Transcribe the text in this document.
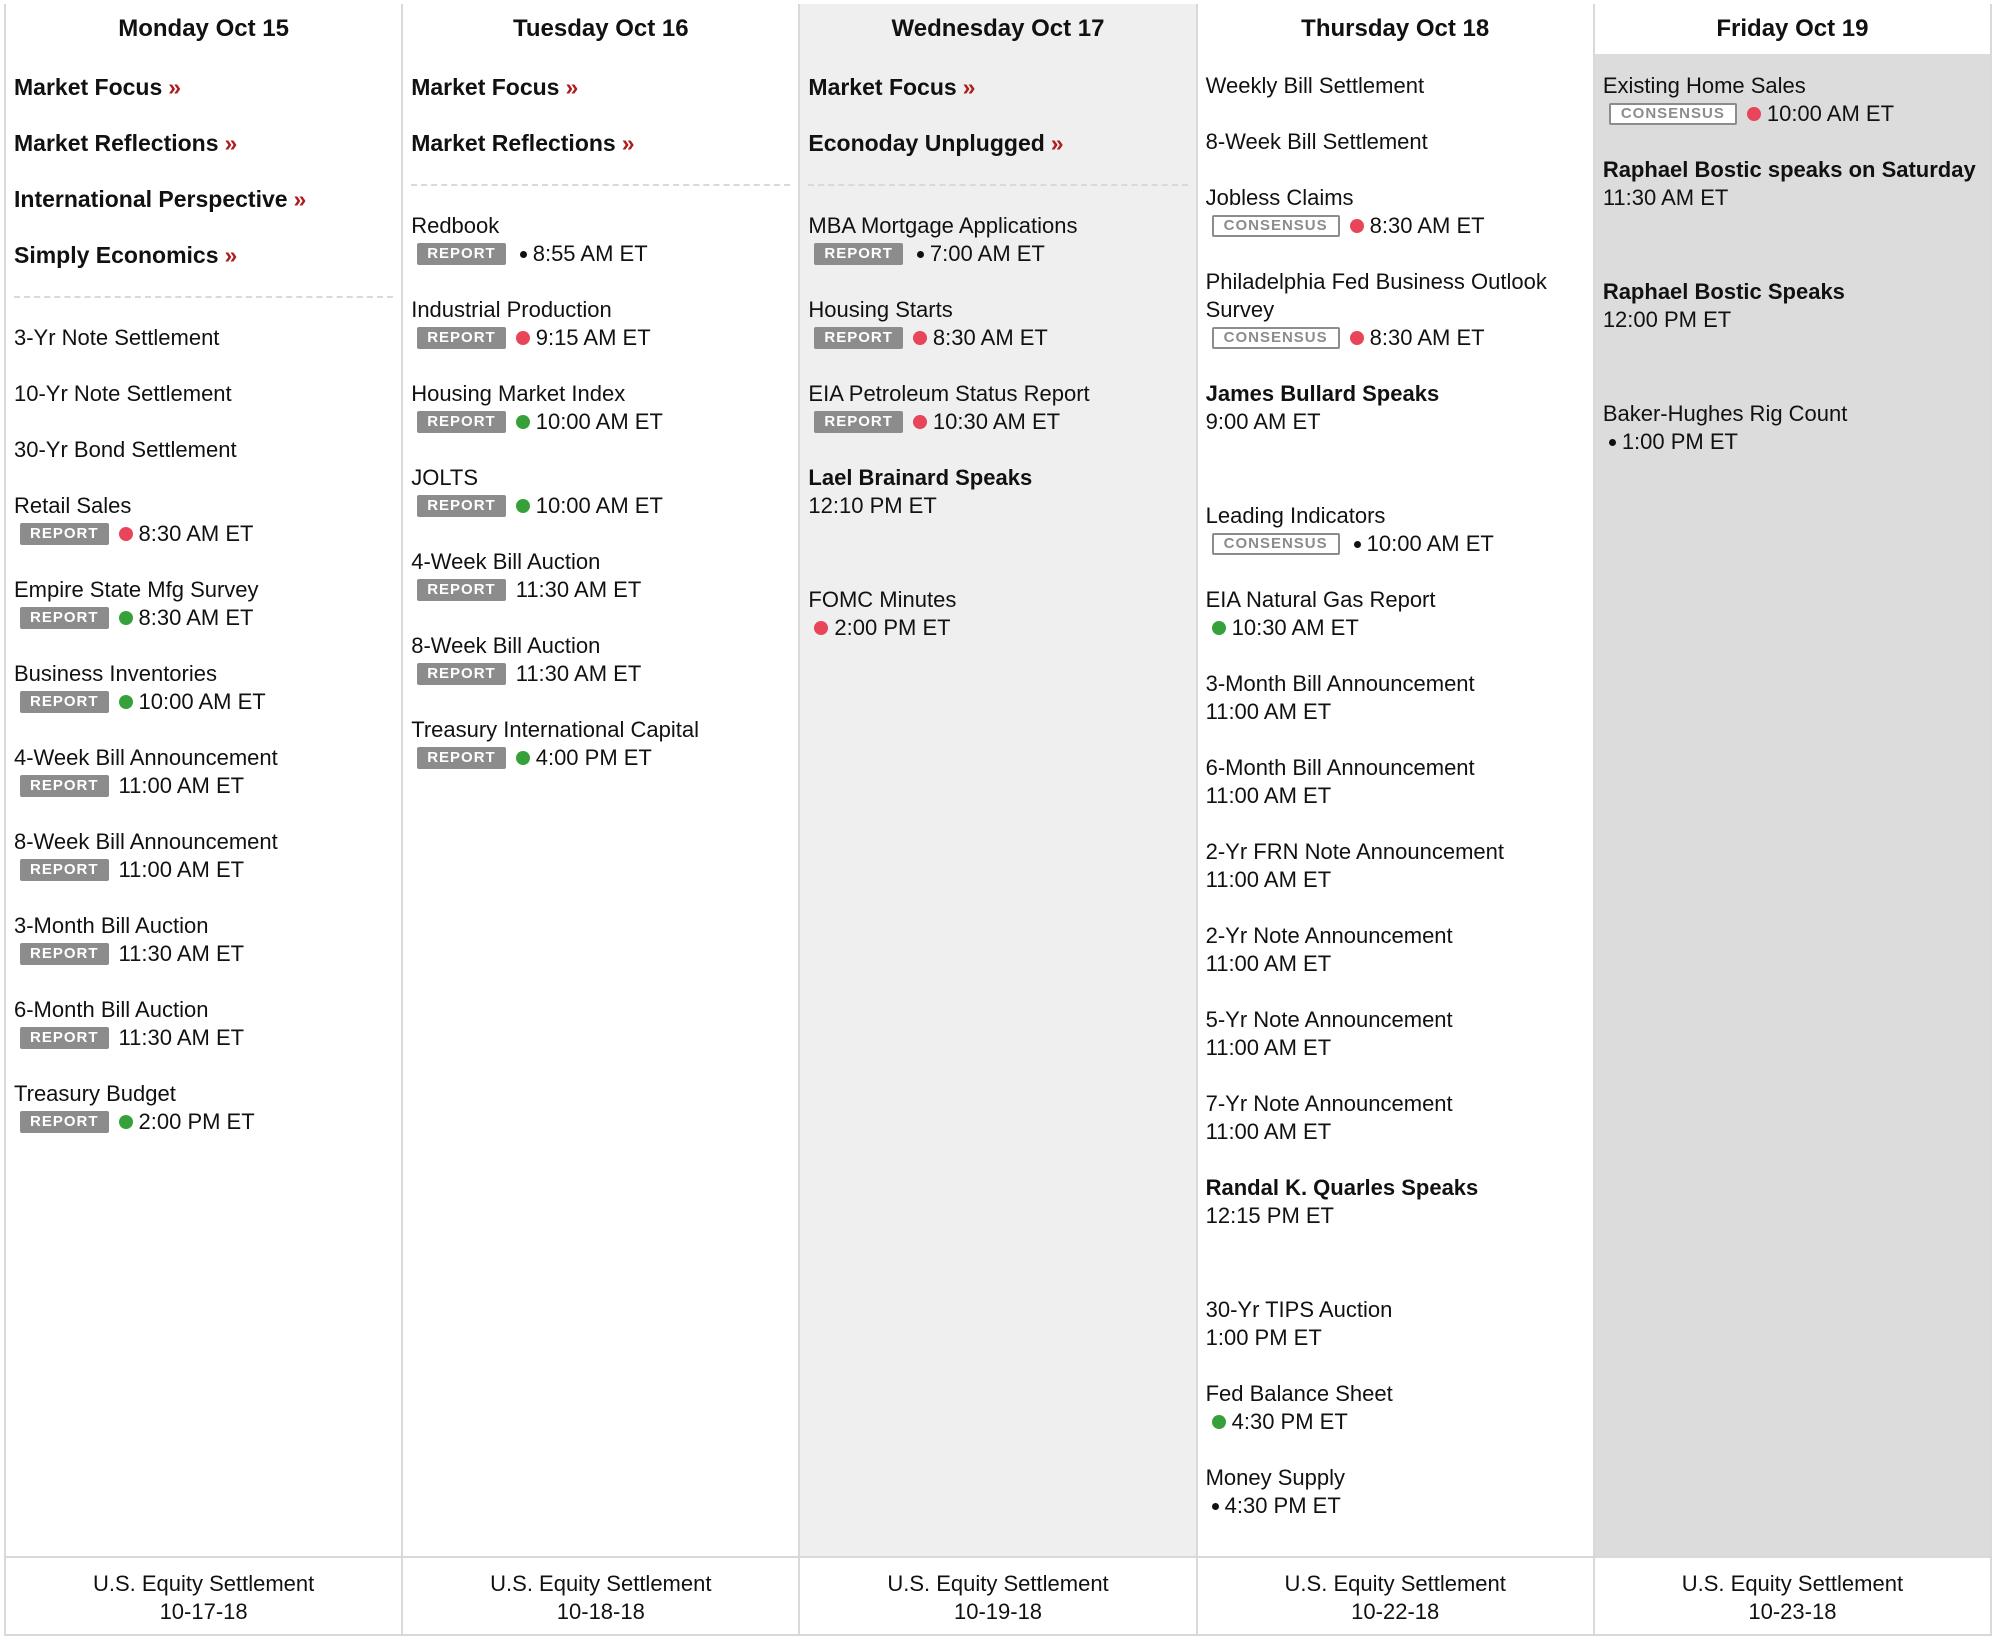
Monday Oct 15
Market Focus »
Market Reflections »
International Perspective »
Simply Economics »
3-Yr Note Settlement
10-Yr Note Settlement
30-Yr Bond Settlement
Retail Sales
REPORT	8:30 AM ET
Empire State Mfg Survey
REPORT	8:30 AM ET
Business Inventories
REPORT	10:00 AM ET
4-Week Bill Announcement
REPORT 11:00 AM ET
8-Week Bill Announcement
REPORT 11:00 AM ET
3-Month Bill Auction
REPORT 11:30 AM ET
6-Month Bill Auction
REPORT 11:30 AM ET
Treasury Budget
REPORT	2:00 PM ET
U.S. Equity Settlement
10-17-18
Tuesday Oct 16
Market Focus »
Market Reflections »
Redbook
REPORT	8:55 AM ET
Industrial Production
REPORT	9:15 AM ET
Housing Market Index
REPORT	10:00 AM ET
JOLTS
REPORT	10:00 AM ET
4-Week Bill Auction
REPORT 11:30 AM ET
8-Week Bill Auction
REPORT 11:30 AM ET
Treasury International Capital
REPORT	4:00 PM ET
U.S. Equity Settlement
10-18-18
Wednesday Oct 17
Market Focus »
Econoday Unplugged »
MBA Mortgage Applications
REPORT	7:00 AM ET
Housing Starts
REPORT	8:30 AM ET
EIA Petroleum Status Report
REPORT	10:30 AM ET
Lael Brainard Speaks
12:10 PM ET
FOMC Minutes
2:00 PM ET
U.S. Equity Settlement
10-19-18
Thursday Oct 18
Weekly Bill Settlement
8-Week Bill Settlement
Jobless Claims
CONSENSUS	8:30 AM ET
Philadelphia Fed Business Outlook Survey
CONSENSUS	8:30 AM ET
James Bullard Speaks
9:00 AM ET
Leading Indicators
CONSENSUS	10:00 AM ET
EIA Natural Gas Report
10:30 AM ET
3-Month Bill Announcement
11:00 AM ET
6-Month Bill Announcement
11:00 AM ET
2-Yr FRN Note Announcement
11:00 AM ET
2-Yr Note Announcement
11:00 AM ET
5-Yr Note Announcement
11:00 AM ET
7-Yr Note Announcement
11:00 AM ET
Randal K. Quarles Speaks
12:15 PM ET
30-Yr TIPS Auction
1:00 PM ET
Fed Balance Sheet
4:30 PM ET
Money Supply
4:30 PM ET
U.S. Equity Settlement
10-22-18
Friday Oct 19
Existing Home Sales
CONSENSUS	10:00 AM ET
Raphael Bostic speaks on Saturday
11:30 AM ET
Raphael Bostic Speaks
12:00 PM ET
Baker-Hughes Rig Count
1:00 PM ET
U.S. Equity Settlement
10-23-18
